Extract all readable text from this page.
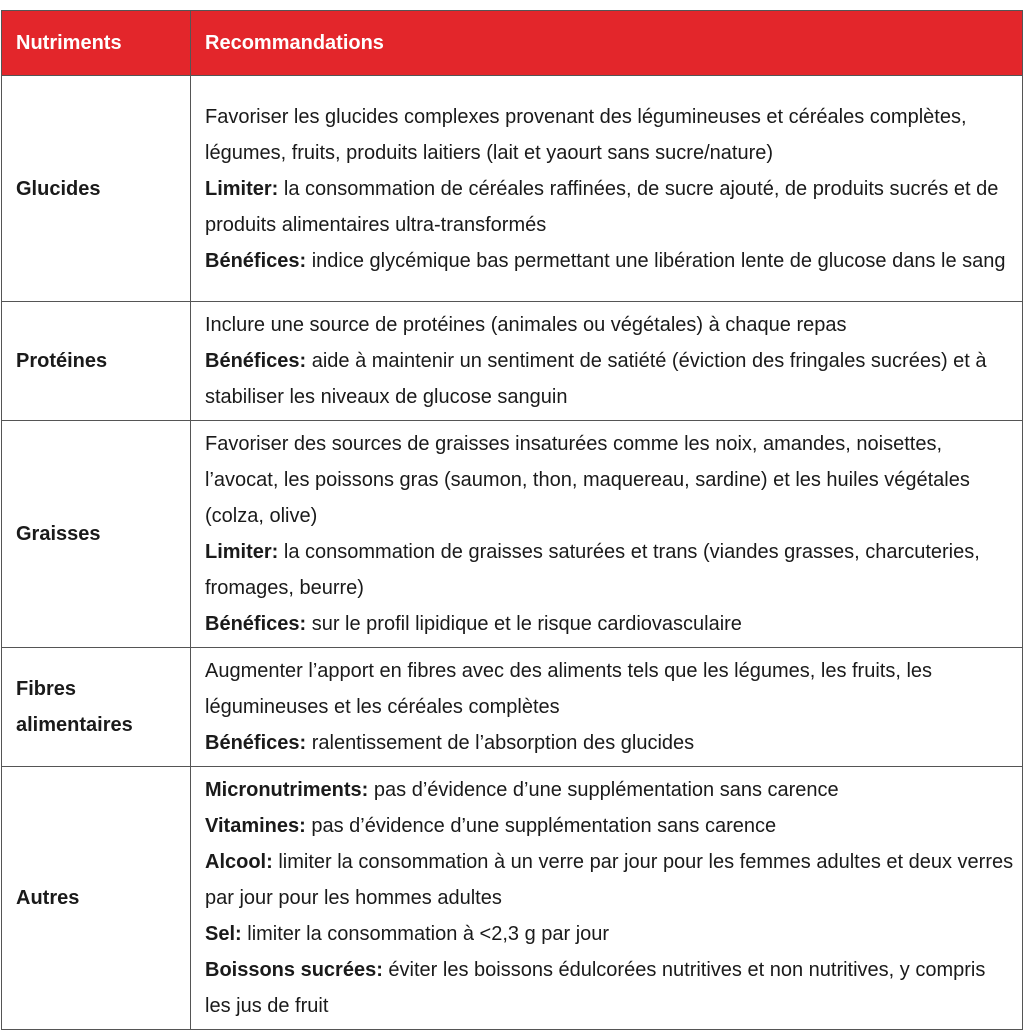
Nutriments	Recommandations
Glucides	Favoriser les glucides complexes provenant des légumineuses et céréales complètes, légumes, fruits, produits laitiers (lait et yaourt sans sucre/nature)
Limiter: la consommation de céréales raffinées, de sucre ajouté, de produits sucrés et de produits alimentaires ultra-transformés
Bénéfices: indice glycémique bas permettant une libération lente de glucose dans le sang

Protéines	Inclure une source de protéines (animales ou végétales) à chaque repas
Bénéfices: aide à maintenir un sentiment de satiété (éviction des fringales sucrées) et à stabiliser les niveaux de glucose sanguin

Graisses	Favoriser des sources de graisses insaturées comme les noix, amandes, noisettes, l’avocat, les poissons gras (saumon, thon, maquereau, sardine) et les huiles végétales (colza, olive)
Limiter: la consommation de graisses saturées et trans (viandes grasses, charcuteries, fromages, beurre)
Bénéfices: sur le profil lipidique et le risque cardiovasculaire

Fibres alimentaires	Augmenter l’apport en fibres avec des aliments tels que les légumes, les fruits, les légumineuses et les céréales complètes
Bénéfices: ralentissement de l’absorption des glucides

Autres	Micronutriments: pas d’évidence d’une supplémentation sans carence
Vitamines: pas d’évidence d’une supplémentation sans carence
Alcool: limiter la consommation à un verre par jour pour les femmes adultes et deux verres par jour pour les hommes adultes
Sel: limiter la consommation à <2,3 g par jour
Boissons sucrées: éviter les boissons édulcorées nutritives et non nutritives, y compris les jus de fruit
